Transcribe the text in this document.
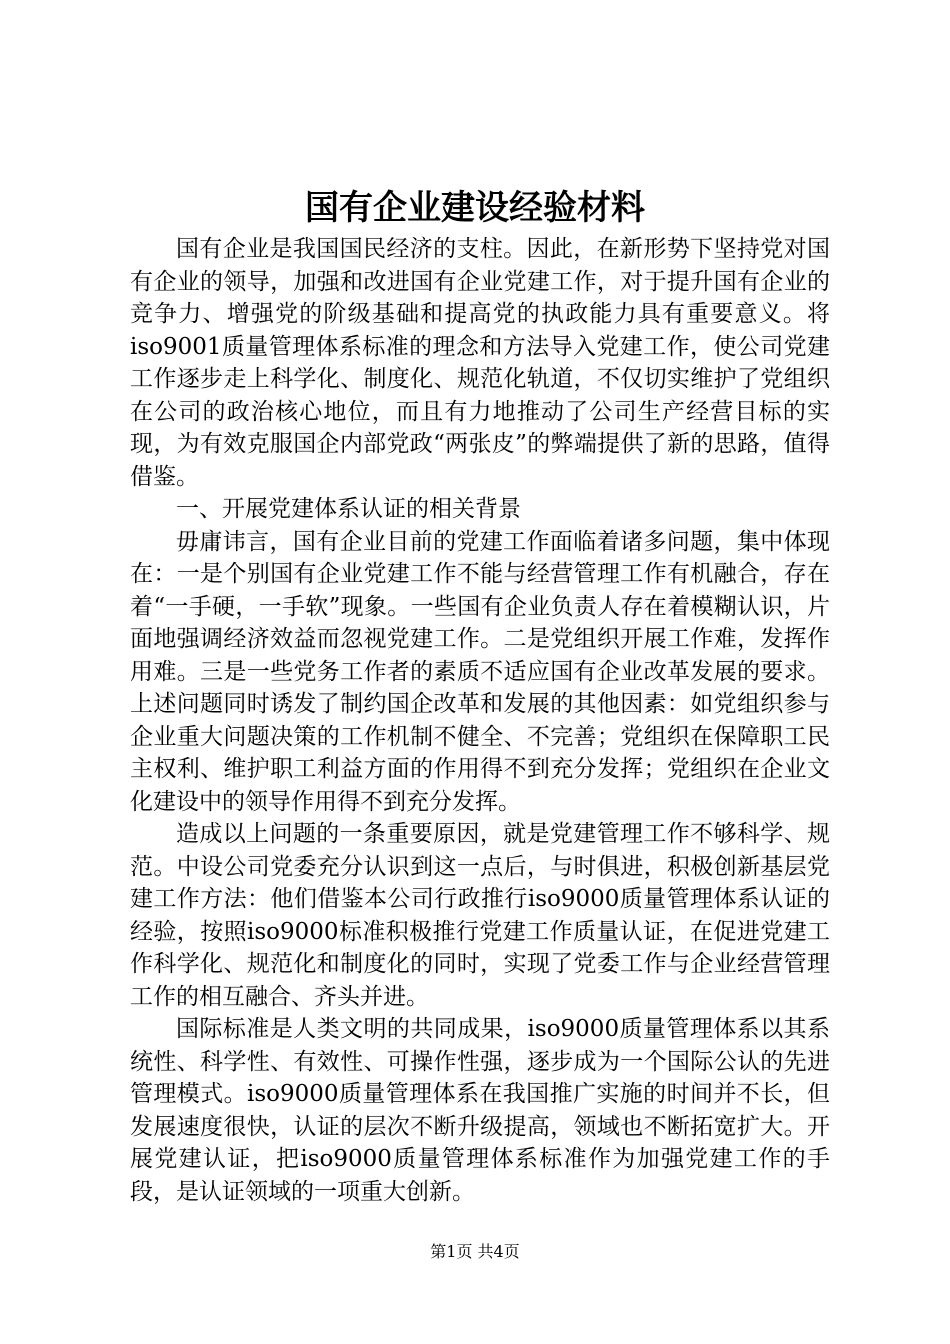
国有企业建设经验材料

国有企业是我国国民经济的支柱。因此，在新形势下坚持党对国有企业的领导，加强和改进国有企业党建工作，对于提升国有企业的竞争力、增强党的阶级基础和提高党的执政能力具有重要意义。将iso9001质量管理体系标准的理念和方法导入党建工作，使公司党建工作逐步走上科学化、制度化、规范化轨道，不仅切实维护了党组织在公司的政治核心地位，而且有力地推动了公司生产经营目标的实现，为有效克服国企内部党政“两张皮”的弊端提供了新的思路，值得借鉴。

一、开展党建体系认证的相关背景

毋庸讳言，国有企业目前的党建工作面临着诸多问题，集中体现在：一是个别国有企业党建工作不能与经营管理工作有机融合，存在着“一手硬，一手软”现象。一些国有企业负责人存在着模糊认识，片面地强调经济效益而忽视党建工作。二是党组织开展工作难，发挥作用难。三是一些党务工作者的素质不适应国有企业改革发展的要求。上述问题同时诱发了制约国企改革和发展的其他因素：如党组织参与企业重大问题决策的工作机制不健全、不完善；党组织在保障职工民主权利、维护职工利益方面的作用得不到充分发挥；党组织在企业文化建设中的领导作用得不到充分发挥。

造成以上问题的一条重要原因，就是党建管理工作不够科学、规范。中设公司党委充分认识到这一点后，与时俱进，积极创新基层党建工作方法：他们借鉴本公司行政推行iso9000质量管理体系认证的经验，按照iso9000标准积极推行党建工作质量认证，在促进党建工作科学化、规范化和制度化的同时，实现了党委工作与企业经营管理工作的相互融合、齐头并进。

国际标准是人类文明的共同成果，iso9000质量管理体系以其系统性、科学性、有效性、可操作性强，逐步成为一个国际公认的先进管理模式。iso9000质量管理体系在我国推广实施的时间并不长，但发展速度很快，认证的层次不断升级提高，领域也不断拓宽扩大。开展党建认证，把iso9000质量管理体系标准作为加强党建工作的手段，是认证领域的一项重大创新。

第1页 共4页
